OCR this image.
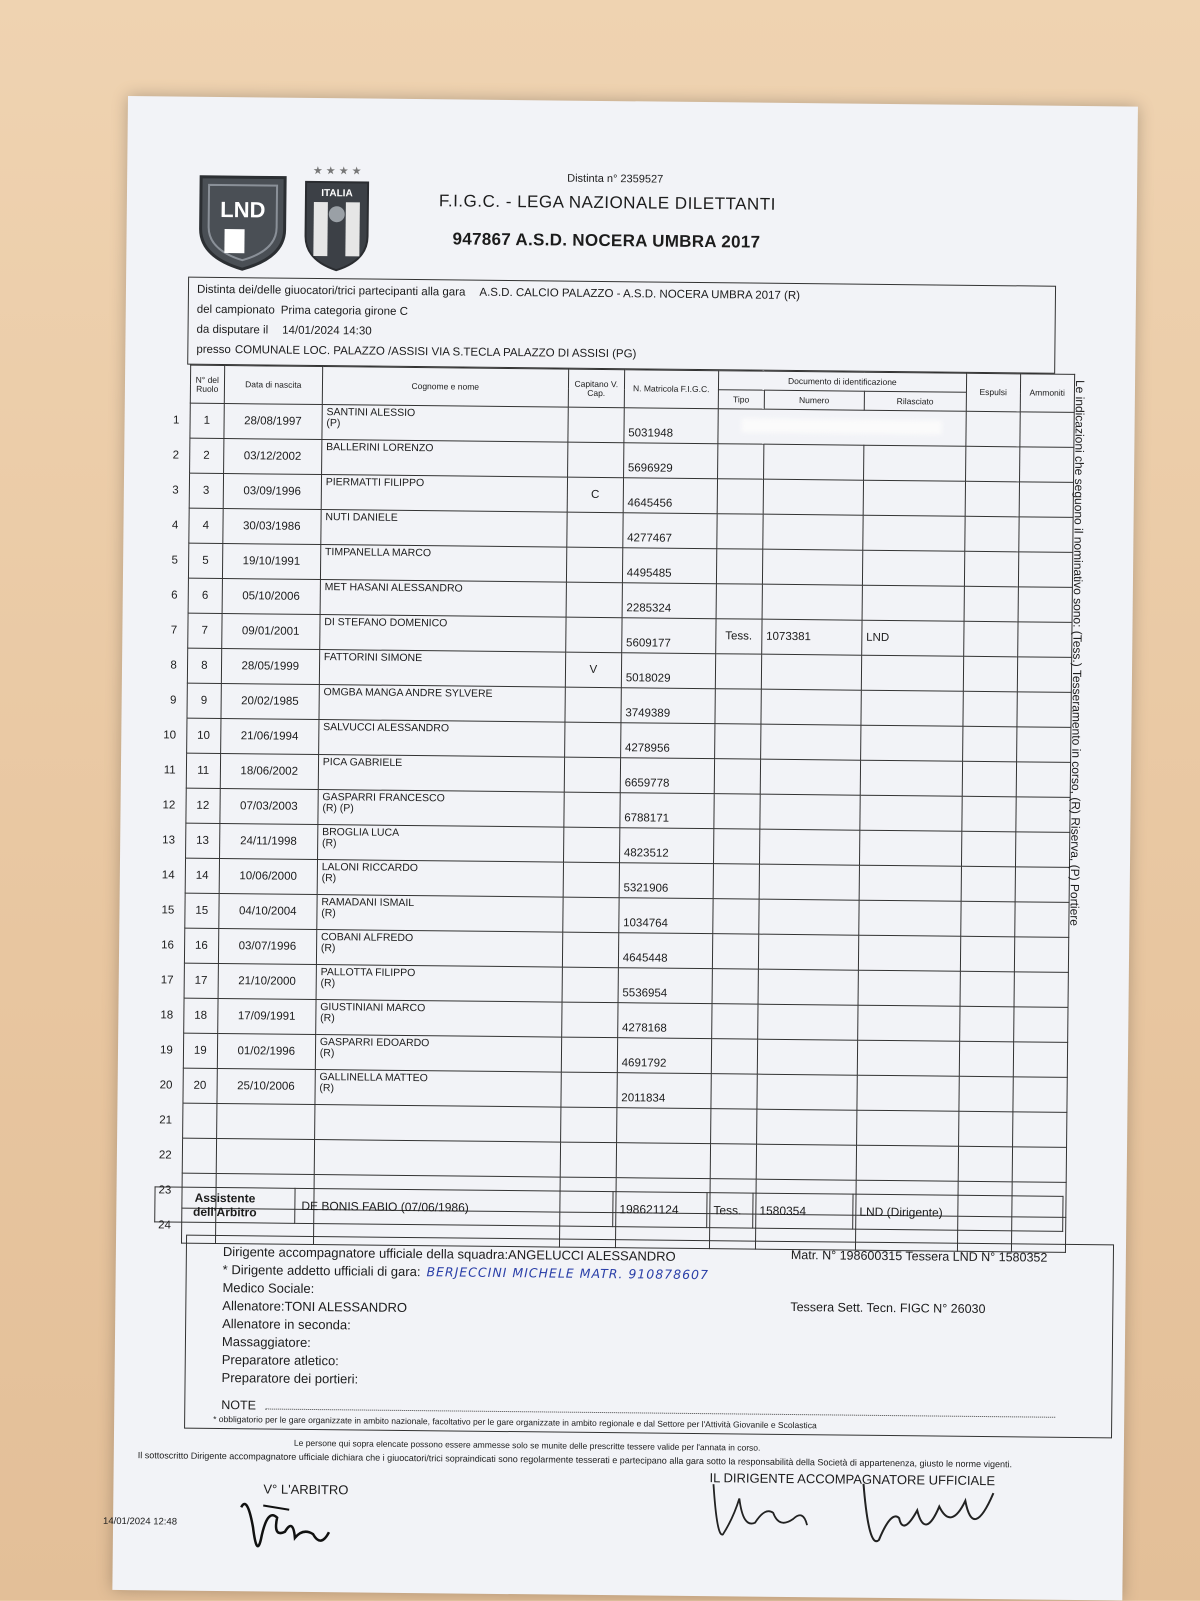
LND
★ ★ ★ ★
ITALIA
Distinta n° 2359527
F.I.G.C. - LEGA NAZIONALE DILETTANTI
947867 A.S.D. NOCERA UMBRA 2017
Distinta dei/delle giuocatori/trici partecipanti alla gara A.S.D. CALCIO PALAZZO - A.S.D. NOCERA UMBRA 2017 (R)
del campionato Prima categoria girone C
da disputare il 14/01/2024 14:30
presso COMUNALE LOC. PALAZZO /ASSISI VIA S.TECLA PALAZZO DI ASSISI (PG)
	N° del Ruolo	Data di nascita	Cognome e nome	Capitano V. Cap.	N. Matricola F.I.G.C.	Documento di identificazione			Espulsi	Ammoniti
						Tipo	Numero	Rilasciato		
1	1	28/08/1997	SANTINI ALESSIO
(P)		5031948					
2	2	03/12/2002	BALLERINI LORENZO		5696929					
3	3	03/09/1996	PIERMATTI FILIPPO	C	4645456					
4	4	30/03/1986	NUTI DANIELE		4277467					
5	5	19/10/1991	TIMPANELLA MARCO		4495485					
6	6	05/10/2006	MET HASANI ALESSANDRO		2285324					
7	7	09/01/2001	DI STEFANO DOMENICO		5609177	Tess.	1073381	LND		
8	8	28/05/1999	FATTORINI SIMONE	V	5018029					
9	9	20/02/1985	OMGBA MANGA ANDRE SYLVERE		3749389					
10	10	21/06/1994	SALVUCCI ALESSANDRO		4278956					
11	11	18/06/2002	PICA GABRIELE		6659778					
12	12	07/03/2003	GASPARRI FRANCESCO
(R) (P)		6788171					
13	13	24/11/1998	BROGLIA LUCA
(R)		4823512					
14	14	10/06/2000	LALONI RICCARDO
(R)		5321906					
15	15	04/10/2004	RAMADANI ISMAIL
(R)		1034764					
16	16	03/07/1996	COBANI ALFREDO
(R)		4645448					
17	17	21/10/2000	PALLOTTA FILIPPO
(R)		5536954					
18	18	17/09/1991	GIUSTINIANI MARCO
(R)		4278168					
19	19	01/02/1996	GASPARRI EDOARDO
(R)		4691792					
20	20	25/10/2006	GALLINELLA MATTEO
(R)		2011834					
21			

22			

23			

24			

Assistente dell'Arbitro	DE BONIS FABIO (07/06/1986)	198621124	Tess.	1580354	LND (Dirigente)
Dirigente accompagnatore ufficiale della squadra:ANGELUCCI ALESSANDRO	Matr. N° 198600315 Tessera LND N° 1580352
* Dirigente addetto ufficiali di gara: BERJECCINI MICHELE MATR. 910878607
Medico Sociale:
Allenatore:TONI ALESSANDRO	Tessera Sett. Tecn. FIGC N° 26030
Allenatore in seconda:
Massaggiatore:
Preparatore atletico:
Preparatore dei portieri:
NOTE
* obbligatorio per le gare organizzate in ambito nazionale, facoltativo per le gare organizzate in ambito regionale e dal Settore per l'Attività Giovanile e Scolastica
Le persone qui sopra elencate possono essere ammesse solo se munite delle prescritte tessere valide per l'annata in corso.
Il sottoscritto Dirigente accompagnatore ufficiale dichiara che i giuocatori/trici sopraindicati sono regolarmente tesserati e partecipano alla gara sotto la responsabilità della Società di appartenenza, giusto le norme vigenti.
V° L'ARBITRO
IL DIRIGENTE ACCOMPAGNATORE UFFICIALE
14/01/2024 12:48
Le indicazioni che seguono il nominativo sono: (Tess.) Tesseramento in corso, (R) Riserva, (P) Portiere
